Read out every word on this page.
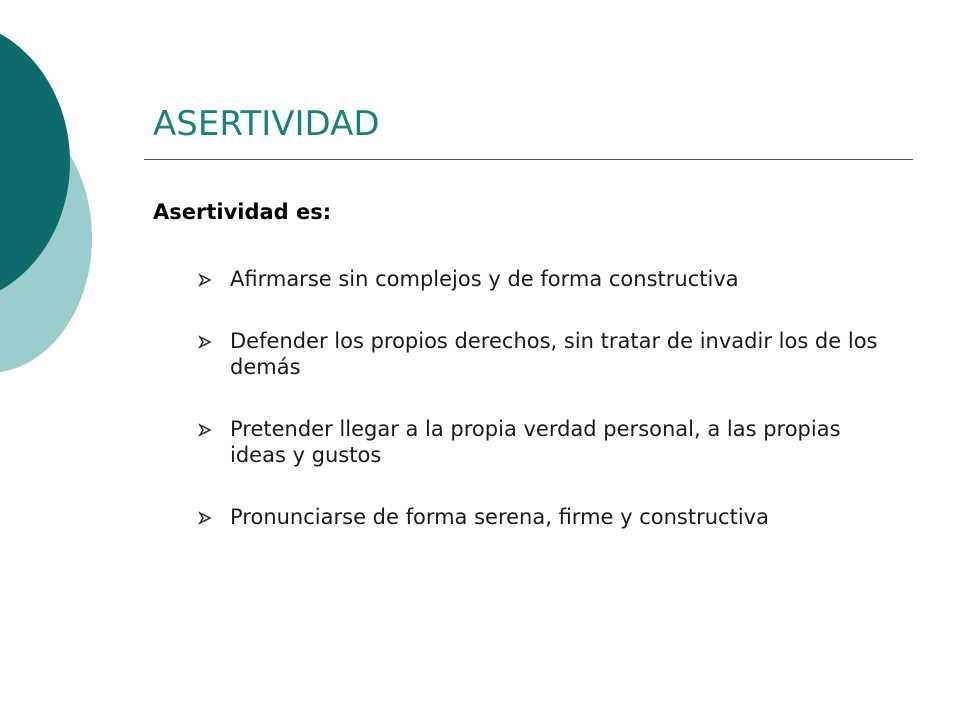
ASERTIVIDAD

Asertividad es:

Afirmarse sin complejos y de forma constructiva
Defender los propios derechos, sin tratar de invadir los de los demás
Pretender llegar a la propia verdad personal, a las propias ideas y gustos
Pronunciarse de forma serena, firme y constructiva
